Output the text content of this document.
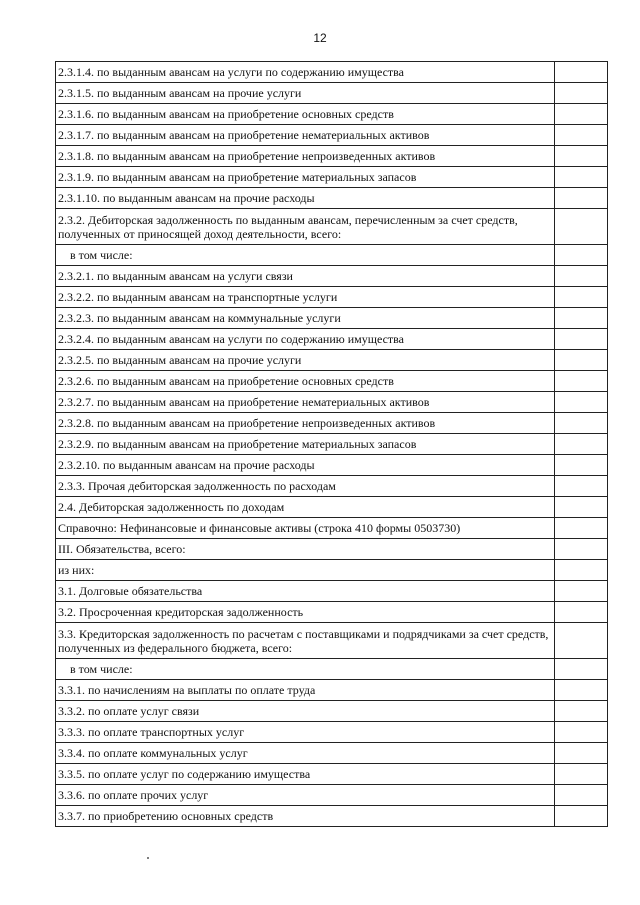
12
2.3.1.4. по выданным авансам на услуги по содержанию имущества	
2.3.1.5. по выданным авансам на прочие услуги	
2.3.1.6. по выданным авансам на приобретение основных средств	
2.3.1.7. по выданным авансам на приобретение нематериальных активов	
2.3.1.8. по выданным авансам на приобретение непроизведенных активов	
2.3.1.9. по выданным авансам на приобретение материальных запасов	
2.3.1.10. по выданным авансам на прочие расходы	
2.3.2. Дебиторская задолженность по выданным авансам, перечисленным за счет средств, полученных от приносящей доход деятельности, всего:	
в том числе:	
2.3.2.1. по выданным авансам на услуги связи	
2.3.2.2. по выданным авансам на транспортные услуги	
2.3.2.3. по выданным авансам на коммунальные услуги	
2.3.2.4. по выданным авансам на услуги по содержанию имущества	
2.3.2.5. по выданным авансам на прочие услуги	
2.3.2.6. по выданным авансам на приобретение основных средств	
2.3.2.7. по выданным авансам на приобретение нематериальных активов	
2.3.2.8. по выданным авансам на приобретение непроизведенных активов	
2.3.2.9. по выданным авансам на приобретение материальных запасов	
2.3.2.10. по выданным авансам на прочие расходы	
2.3.3. Прочая дебиторская задолженность по расходам	
2.4. Дебиторская задолженность по доходам	
Справочно: Нефинансовые и финансовые активы (строка 410 формы 0503730)	
III. Обязательства, всего:	
из них:	
3.1. Долговые обязательства	
3.2. Просроченная кредиторская задолженность	
3.3. Кредиторская задолженность по расчетам с поставщиками и подрядчиками за счет средств, полученных из федерального бюджета, всего:	
в том числе:	
3.3.1. по начислениям на выплаты по оплате труда	
3.3.2. по оплате услуг связи	
3.3.3. по оплате транспортных услуг	
3.3.4. по оплате коммунальных услуг	
3.3.5. по оплате услуг по содержанию имущества	
3.3.6. по оплате прочих услуг	
3.3.7. по приобретению основных средств	
